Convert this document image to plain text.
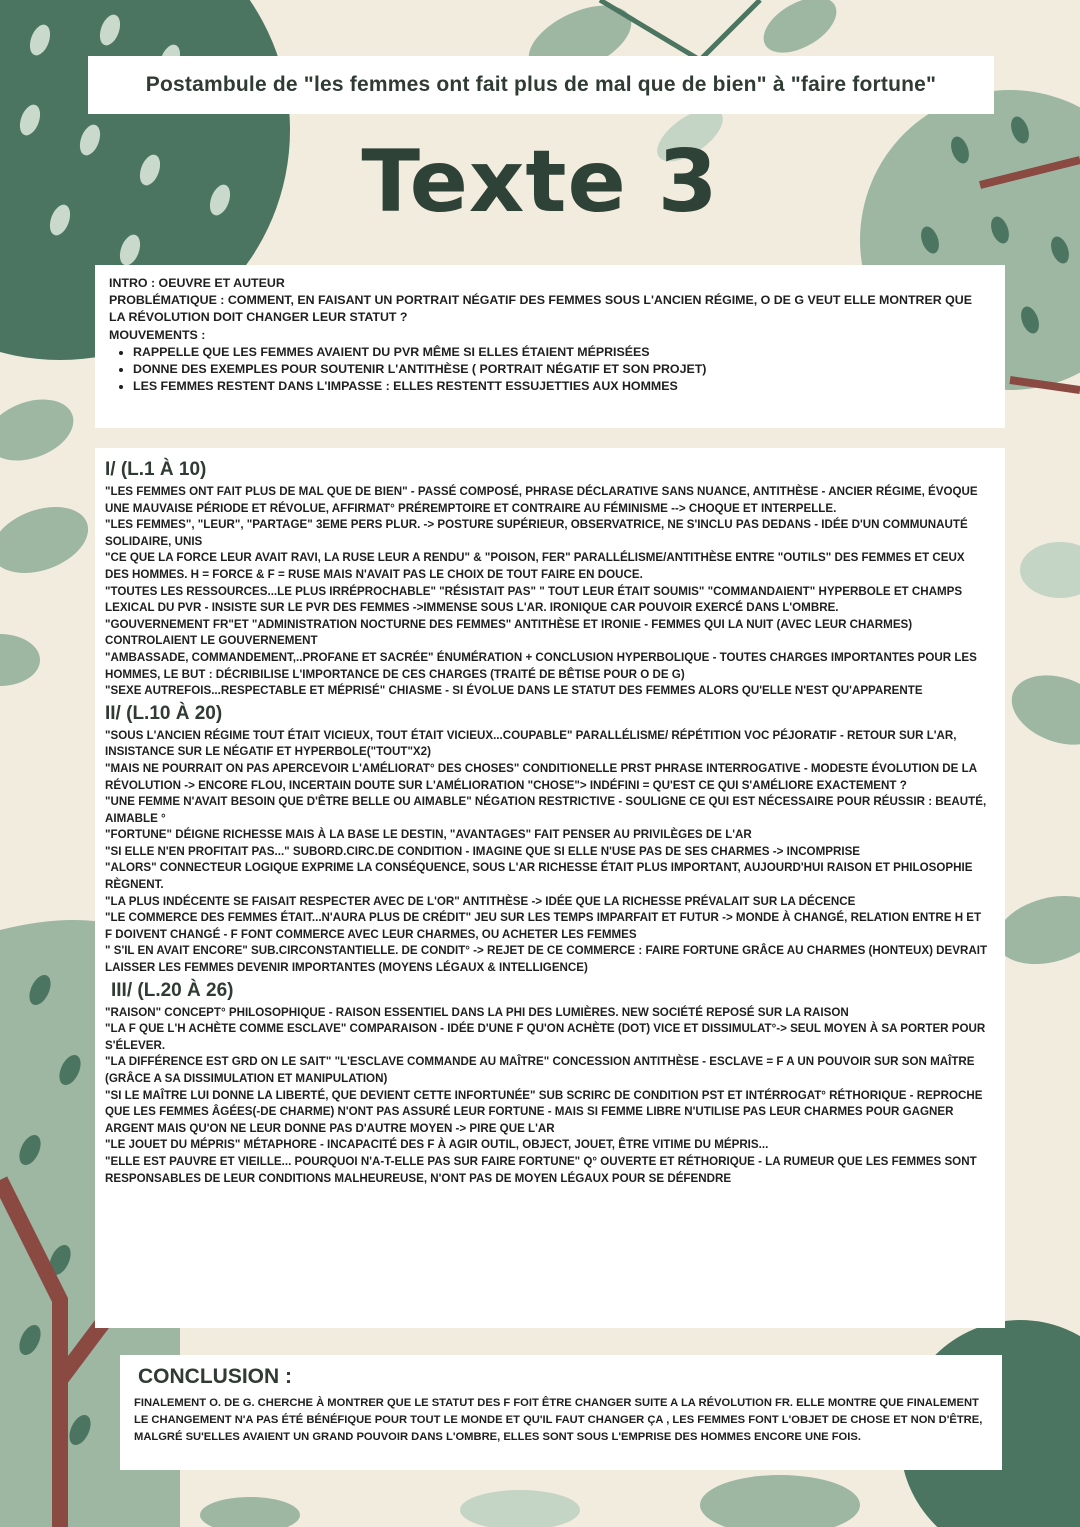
Postambule de "les femmes ont fait plus de mal que de bien" à "faire fortune"
Texte 3
INTRO : OEUVRE ET AUTEUR
PROBLÉMATIQUE : COMMENT, EN FAISANT UN PORTRAIT NÉGATIF DES FEMMES SOUS L'ANCIEN RÉGIME, O DE G VEUT ELLE MONTRER QUE LA RÉVOLUTION DOIT CHANGER LEUR STATUT ?
MOUVEMENTS :
• RAPPELLE QUE LES FEMMES AVAIENT DU PVR MÊME SI ELLES ÉTAIENT MÉPRISÉES
• DONNE DES EXEMPLES POUR SOUTENIR L'ANTITHÈSE ( PORTRAIT NÉGATIF ET SON PROJET)
• LES FEMMES RESTENT DANS L'IMPASSE : ELLES RESTENTT ESSUJETTIES AUX HOMMES
I/ (L.1 À 10)
"LES FEMMES ONT FAIT PLUS DE MAL QUE DE BIEN" - PASSÉ COMPOSÉ, PHRASE DÉCLARATIVE SANS NUANCE, ANTITHÈSE - ANCIER RÉGIME, ÉVOQUE UNE MAUVAISE PÉRIODE ET RÉVOLUE, AFFIRMAT° PRÉREMPTOIRE ET CONTRAIRE AU FÉMINISME --> CHOQUE ET INTERPELLE.
"LES FEMMES", "LEUR", "PARTAGE" 3EME PERS PLUR. -> POSTURE SUPÉRIEUR, OBSERVATRICE, NE S'INCLU PAS DEDANS - IDÉE D'UN COMMUNAUTÉ SOLIDAIRE, UNIS
"CE QUE LA FORCE LEUR AVAIT RAVI, LA RUSE LEUR A RENDU" & "POISON, FER" PARALLÉLISME/ANTITHÈSE ENTRE "OUTILS" DES FEMMES ET CEUX DES HOMMES. H = FORCE & F = RUSE MAIS N'AVAIT PAS LE CHOIX DE TOUT FAIRE EN DOUCE.
"TOUTES LES RESSOURCES...LE PLUS IRRÉPROCHABLE" "RÉSISTAIT PAS" " TOUT LEUR ÉTAIT SOUMIS" "COMMANDAIENT" HYPERBOLE ET CHAMPS LEXICAL DU PVR - INSISTE SUR LE PVR DES FEMMES ->IMMENSE SOUS L'AR. IRONIQUE CAR POUVOIR EXERCÉ DANS L'OMBRE.
"GOUVERNEMENT FR"ET "ADMINISTRATION NOCTURNE DES FEMMES" ANTITHÈSE ET IRONIE - FEMMES QUI LA NUIT (AVEC LEUR CHARMES) CONTROLAIENT LE GOUVERNEMENT
"AMBASSADE, COMMANDEMENT,..PROFANE ET SACRÉE" ÉNUMÉRATION + CONCLUSION HYPERBOLIQUE - TOUTES CHARGES IMPORTANTES POUR LES HOMMES, LE BUT : DÉCRIBILISE L'IMPORTANCE DE CES CHARGES (TRAITÉ DE BÊTISE POUR O DE G)
"SEXE AUTREFOIS...RESPECTABLE ET MÉPRISÉ" CHIASME - SI ÉVOLUE DANS LE STATUT DES FEMMES ALORS QU'ELLE N'EST QU'APPARENTE
II/ (L.10 À 20)
"SOUS L'ANCIEN RÉGIME TOUT ÉTAIT VICIEUX, TOUT ÉTAIT VICIEUX...COUPABLE" PARALLÉLISME/ RÉPÉTITION VOC PÉJORATIF - RETOUR SUR L'AR, INSISTANCE SUR LE NÉGATIF ET HYPERBOLE("TOUT"X2)
"MAIS NE POURRAIT ON PAS APERCEVOIR L'AMÉLIORAT° DES CHOSES" CONDITIONELLE PRST PHRASE INTERROGATIVE - MODESTE ÉVOLUTION DE LA RÉVOLUTION -> ENCORE FLOU, INCERTAIN DOUTE SUR L'AMÉLIORATION "CHOSE"> INDÉFINI = QU'EST CE QUI S'AMÉLIORE EXACTEMENT ?
"UNE FEMME N'AVAIT BESOIN QUE D'ÊTRE BELLE OU AIMABLE" NÉGATION RESTRICTIVE - SOULIGNE CE QUI EST NÉCESSAIRE POUR RÉUSSIR : BEAUTÉ, AIMABLE °
"FORTUNE" DÉIGNE RICHESSE MAIS À LA BASE LE DESTIN, "AVANTAGES" FAIT PENSER AU PRIVILÈGES DE L'AR
"SI ELLE N'EN PROFITAIT PAS..." SUBORD.CIRC.DE CONDITION - IMAGINE QUE SI ELLE N'USE PAS DE SES CHARMES -> INCOMPRISE
"ALORS" CONNECTEUR LOGIQUE EXPRIME LA CONSÉQUENCE, SOUS L'AR RICHESSE ÉTAIT PLUS IMPORTANT, AUJOURD'HUI RAISON ET PHILOSOPHIE RÈGNENT.
"LA PLUS INDÉCENTE SE FAISAIT RESPECTER AVEC DE L'OR" ANTITHÈSE -> IDÉE QUE LA RICHESSE PRÉVALAIT SUR LA DÉCENCE
"LE COMMERCE DES FEMMES ÉTAIT...N'AURA PLUS DE CRÉDIT" JEU SUR LES TEMPS IMPARFAIT ET FUTUR -> MONDE À CHANGÉ, RELATION ENTRE H ET F DOIVENT CHANGÉ - F FONT COMMERCE AVEC LEUR CHARMES, OU ACHETER LES FEMMES
" S'IL EN AVAIT ENCORE" SUB.CIRCONSTANTIELLE. DE CONDIT° -> REJET DE CE COMMERCE : FAIRE FORTUNE GRÂCE AU CHARMES (HONTEUX) DEVRAIT LAISSER LES FEMMES DEVENIR IMPORTANTES (MOYENS LÉGAUX & INTELLIGENCE)
III/ (L.20 À 26)
"RAISON" CONCEPT° PHILOSOPHIQUE - RAISON ESSENTIEL DANS LA PHI DES LUMIÈRES. NEW SOCIÉTÉ REPOSÉ SUR LA RAISON
"LA F QUE L'H ACHÈTE COMME ESCLAVE" COMPARAISON - IDÉE D'UNE F QU'ON ACHÈTE (DOT) VICE ET DISSIMULAT°-> SEUL MOYEN À SA PORTER POUR S'ÉLEVER.
"LA DIFFÉRENCE EST GRD ON LE SAIT" "L'ESCLAVE COMMANDE AU MAÎTRE" CONCESSION ANTITHÈSE - ESCLAVE = F A UN POUVOIR SUR SON MAÎTRE (GRÂCE A SA DISSIMULATION ET MANIPULATION)
"SI LE MAÎTRE LUI DONNE LA LIBERTÉ, QUE DEVIENT CETTE INFORTUNÉE" SUB SCRIRC DE CONDITION PST ET INTÉRROGAT° RÉTHORIQUE - REPROCHE QUE LES FEMMES ÂGÉES(-DE CHARME) N'ONT PAS ASSURÉ LEUR FORTUNE - MAIS SI FEMME LIBRE N'UTILISE PAS LEUR CHARMES POUR GAGNER ARGENT MAIS QU'ON NE LEUR DONNE PAS D'AUTRE MOYEN -> PIRE QUE L'AR
"LE JOUET DU MÉPRIS" MÉTAPHORE - INCAPACITÉ DES F À AGIR OUTIL, OBJECT, JOUET, ÊTRE VITIME DU MÉPRIS...
"ELLE EST PAUVRE ET VIEILLE... POURQUOI N'A-T-ELLE PAS SUR FAIRE FORTUNE" Q° OUVERTE ET RÉTHORIQUE - LA RUMEUR QUE LES FEMMES SONT RESPONSABLES DE LEUR CONDITIONS MALHEUREUSE, N'ONT PAS DE MOYEN LÉGAUX POUR SE DÉFENDRE
CONCLUSION :
FINALEMENT O. DE G. CHERCHE À MONTRER QUE LE STATUT DES F FOIT ÊTRE CHANGER SUITE A LA RÉVOLUTION FR. ELLE MONTRE QUE FINALEMENT LE CHANGEMENT N'A PAS ÉTÉ BÉNÉFIQUE POUR TOUT LE MONDE ET QU'IL FAUT CHANGER ÇA , LES FEMMES FONT L'OBJET DE CHOSE ET NON D'ÊTRE, MALGRÉ SU'ELLES AVAIENT UN GRAND POUVOIR DANS L'OMBRE, ELLES SONT SOUS L'EMPRISE DES HOMMES ENCORE UNE FOIS.
